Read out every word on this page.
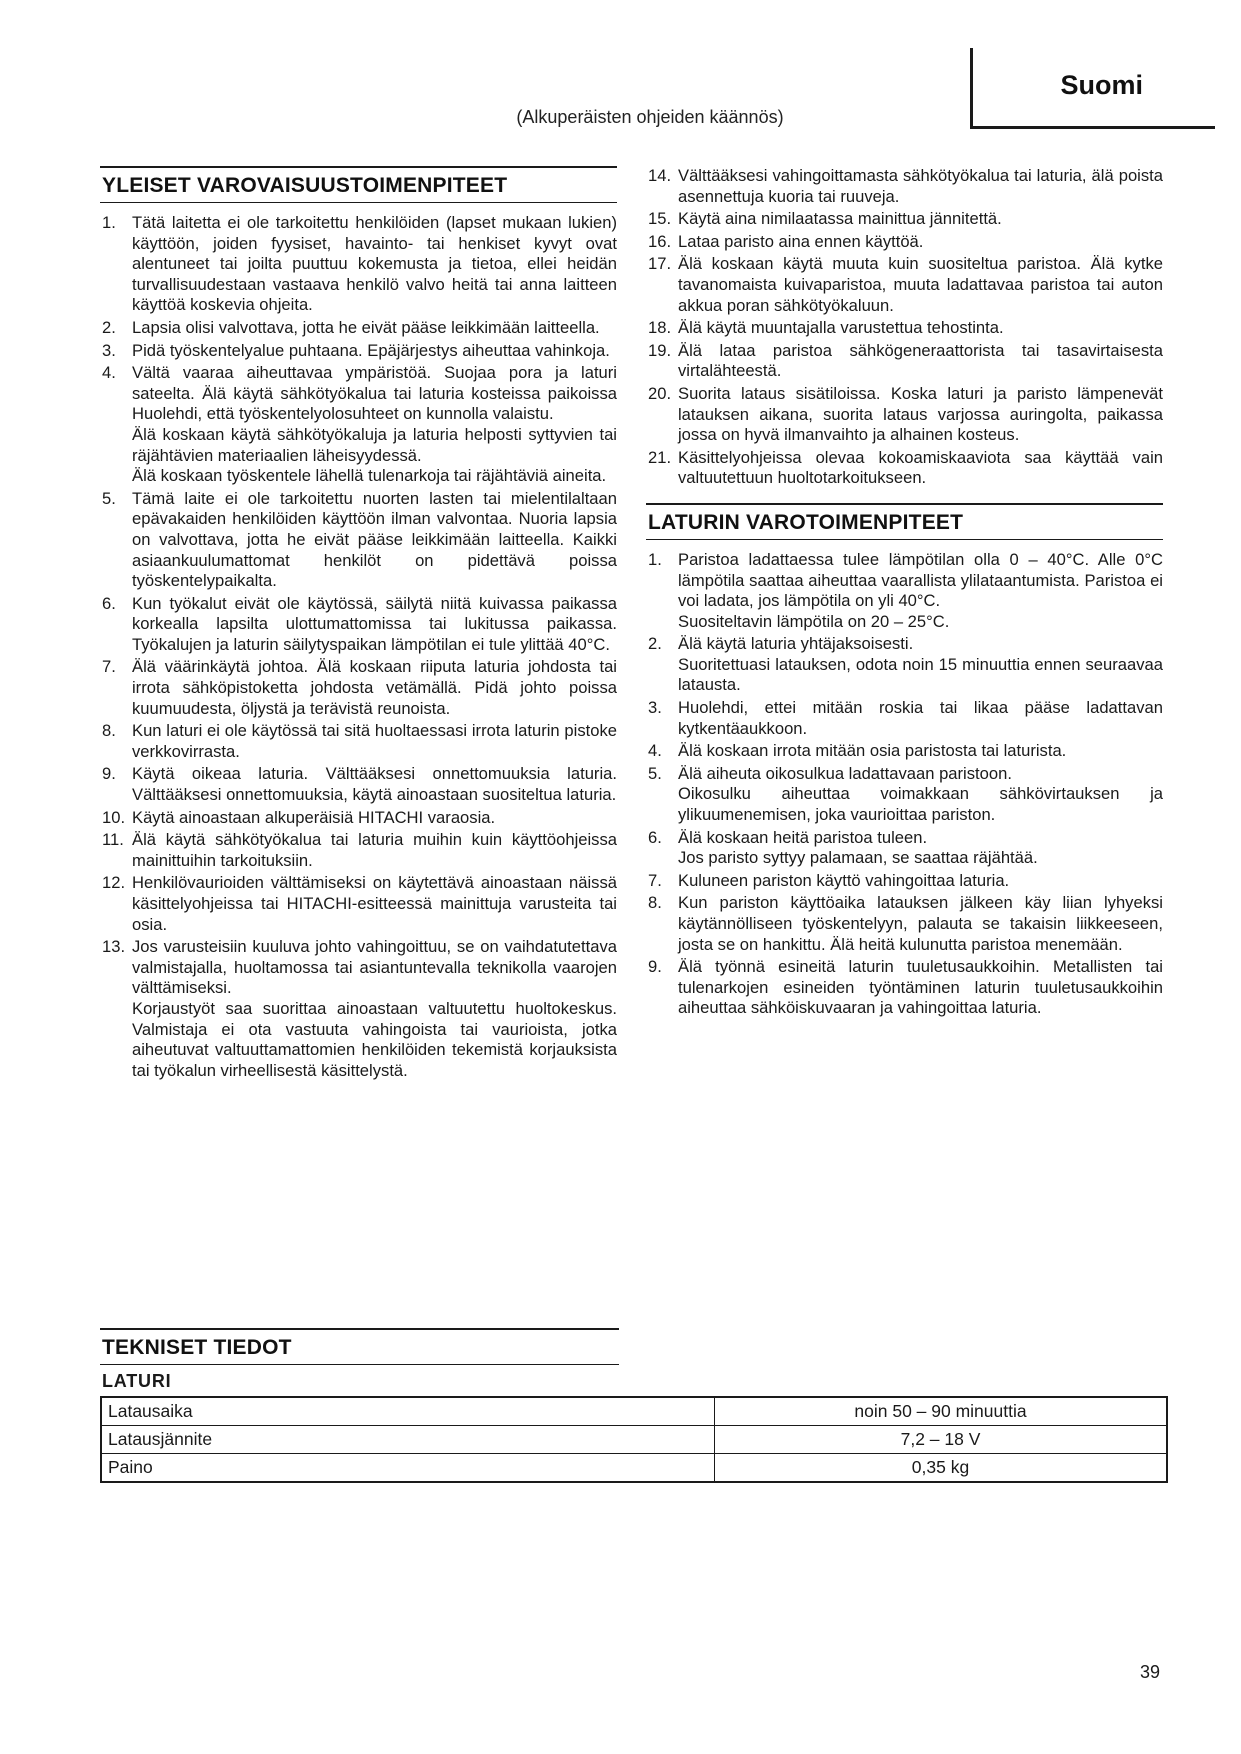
Suomi
(Alkuperäisten ohjeiden käännös)
YLEISET VAROVAISUUSTOIMENPITEET
1. Tätä laitetta ei ole tarkoitettu henkilöiden (lapset mukaan lukien) käyttöön, joiden fyysiset, havainto- tai henkiset kyvyt ovat alentuneet tai joilta puuttuu kokemusta ja tietoa, ellei heidän turvallisuudestaan vastaava henkilö valvo heitä tai anna laitteen käyttöä koskevia ohjeita.
2. Lapsia olisi valvottava, jotta he eivät pääse leikkimään laitteella.
3. Pidä työskentelyalue puhtaana. Epäjärjestys aiheuttaa vahinkoja.
4. Vältä vaaraa aiheuttavaa ympäristöä. Suojaa pora ja laturi sateelta. Älä käytä sähkötyökalua tai laturia kosteissa paikoissa Huolehdi, että työskentelyolosuhteet on kunnolla valaistu.
Älä koskaan käytä sähkötyökaluja ja laturia helposti syttyvien tai räjähtävien materiaalien läheisyydessä.
Älä koskaan työskentele lähellä tulenarkoja tai räjähtäviä aineita.
5. Tämä laite ei ole tarkoitettu nuorten lasten tai mielentilaltaan epävakaiden henkilöiden käyttöön ilman valvontaa. Nuoria lapsia on valvottava, jotta he eivät pääse leikkimään laitteella. Kaikki asiaankuulumattomat henkilöt on pidettävä poissa työskentelypaikalta.
6. Kun työkalut eivät ole käytössä, säilytä niitä kuivassa paikassa korkealla lapsilta ulottumattomissa tai lukitussa paikassa. Työkalujen ja laturin säilytyspaikan lämpötilan ei tule ylittää 40°C.
7. Älä väärinkäytä johtoa. Älä koskaan riiputa laturia johdosta tai irrota sähköpistoketta johdosta vetämällä. Pidä johto poissa kuumuudesta, öljystä ja terävistä reunoista.
8. Kun laturi ei ole käytössä tai sitä huoltaessasi irrota laturin pistoke verkkovirrasta.
9. Käytä oikeaa laturia. Välttääksesi onnettomuuksia laturia. Välttääksesi onnettomuuksia, käytä ainoastaan suositeltua laturia.
10. Käytä ainoastaan alkuperäisiä HITACHI varaosia.
11. Älä käytä sähkötyökalua tai laturia muihin kuin käyttöohjeissa mainittuihin tarkoituksiin.
12. Henkilövaurioiden välttämiseksi on käytettävä ainoastaan näissä käsittelyohjeissa tai HITACHI-esitteessä mainittuja varusteita tai osia.
13. Jos varusteisiin kuuluva johto vahingoittuu, se on vaihdatutettava valmistajalla, huoltamossa tai asiantuntevalla teknikolla vaarojen välttämiseksi.
Korjaustyöt saa suorittaa ainoastaan valtuutettu huoltokeskus. Valmistaja ei ota vastuuta vahingoista tai vaurioista, jotka aiheutuvat valtuuttamattomien henkilöiden tekemistä korjauksista tai työkalun virheellisestä käsittelystä.
14. Välttääksesi vahingoittamasta sähkötyökalua tai laturia, älä poista asennettuja kuoria tai ruuveja.
15. Käytä aina nimilaatassa mainittua jännitettä.
16. Lataa paristo aina ennen käyttöä.
17. Älä koskaan käytä muuta kuin suositeltua paristoa. Älä kytke tavanomaista kuivaparistoa, muuta ladattavaa paristoa tai auton akkua poran sähkötyökaluun.
18. Älä käytä muuntajalla varustettua tehostinta.
19. Älä lataa paristoa sähkögeneraattorista tai tasavirtaisesta virtalähteestä.
20. Suorita lataus sisätiloissa. Koska laturi ja paristo lämpenevät latauksen aikana, suorita lataus varjossa auringolta, paikassa jossa on hyvä ilmanvaihto ja alhainen kosteus.
21. Käsittelyohjeissa olevaa kokoamiskaaviota saa käyttää vain valtuutettuun huoltotarkoitukseen.
LATURIN VAROTOIMENPITEET
1. Paristoa ladattaessa tulee lämpötilan olla 0 – 40°C. Alle 0°C lämpötila saattaa aiheuttaa vaarallista ylilataantumista. Paristoa ei voi ladata, jos lämpötila on yli 40°C.
Suositeltavin lämpötila on 20 – 25°C.
2. Älä käytä laturia yhtäjaksoisesti.
Suoritettuasi latauksen, odota noin 15 minuuttia ennen seuraavaa latausta.
3. Huolehdi, ettei mitään roskia tai likaa pääse ladattavan kytkentäaukkoon.
4. Älä koskaan irrota mitään osia paristosta tai laturista.
5. Älä aiheuta oikosulkua ladattavaan paristoon.
Oikosulku aiheuttaa voimakkaan sähkövirtauksen ja ylikuumenemisen, joka vaurioittaa pariston.
6. Älä koskaan heitä paristoa tuleen.
Jos paristo syttyy palamaan, se saattaa räjähtää.
7. Kuluneen pariston käyttö vahingoittaa laturia.
8. Kun pariston käyttöaika latauksen jälkeen käy liian lyhyeksi käytännölliseen työskentelyyn, palauta se takaisin liikkeeseen, josta se on hankittu. Älä heitä kulunutta paristoa menemään.
9. Älä työnnä esineitä laturin tuuletusaukkoihin. Metallisten tai tulenarkojen esineiden työntäminen laturin tuuletusaukkoihin aiheuttaa sähköiskuvaaran ja vahingoittaa laturia.
TEKNISET TIEDOT
LATURI
Latausaika	noin 50 – 90 minuuttia
Latausjännite	7,2 – 18 V
Paino	0,35 kg
39
